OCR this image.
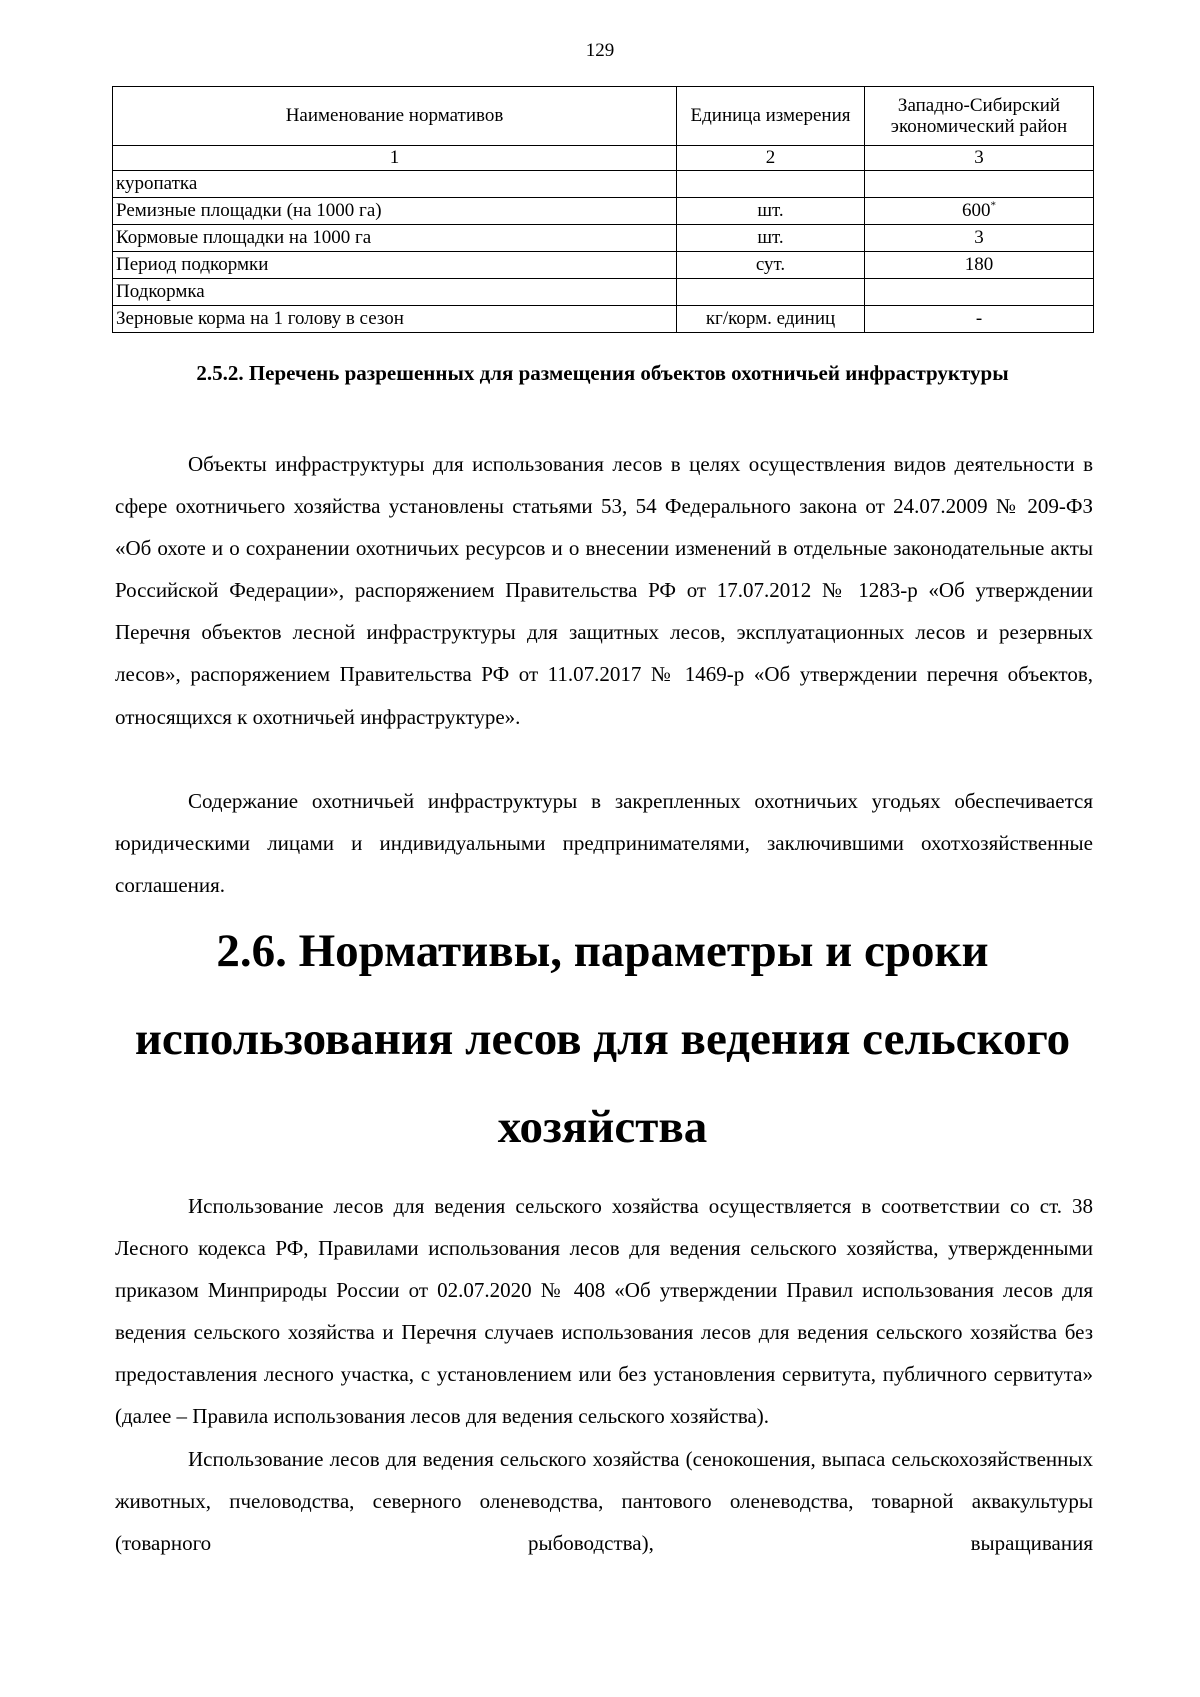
129
Наименование нормативов	Единица измерения	Западно-Сибирский экономический район
1	2	3
куропатка		
Ремизные площадки (на 1000 га)	шт.	600*
Кормовые площадки на 1000 га	шт.	3
Период подкормки	сут.	180
Подкормка		
Зерновые корма на 1 голову в сезон	кг/корм. единиц	-
2.5.2. Перечень разрешенных для размещения объектов охотничьей инфраструктуры

Объекты инфраструктуры для использования лесов в целях осуществления видов деятельности в сфере охотничьего хозяйства установлены статьями 53, 54 Федерального закона от 24.07.2009 № 209-ФЗ «Об охоте и о сохранении охотничьих ресурсов и о внесении изменений в отдельные законодательные акты Российской Федерации», распоряжением Правительства РФ от 17.07.2012 № 1283-р «Об утверждении Перечня объектов лесной инфраструктуры для защитных лесов, эксплуатационных лесов и резервных лесов», распоряжением Правительства РФ от 11.07.2017 № 1469-р «Об утверждении перечня объектов, относящихся к охотничьей инфраструктуре».

Содержание охотничьей инфраструктуры в закрепленных охотничьих угодьях обеспечивается юридическими лицами и индивидуальными предпринимателями, заключившими охотхозяйственные соглашения.

2.6. Нормативы, параметры и сроки использования лесов для ведения сельского хозяйства

Использование лесов для ведения сельского хозяйства осуществляется в соответствии со ст. 38 Лесного кодекса РФ, Правилами использования лесов для ведения сельского хозяйства, утвержденными приказом Минприроды России от 02.07.2020 № 408 «Об утверждении Правил использования лесов для ведения сельского хозяйства и Перечня случаев использования лесов для ведения сельского хозяйства без предоставления лесного участка, с установлением или без установления сервитута, публичного сервитута» (далее – Правила использования лесов для ведения сельского хозяйства).

Использование лесов для ведения сельского хозяйства (сенокошения, выпаса сельскохозяйственных животных, пчеловодства, северного оленеводства, пантового оленеводства, товарной аквакультуры (товарного рыбоводства), выращивания
